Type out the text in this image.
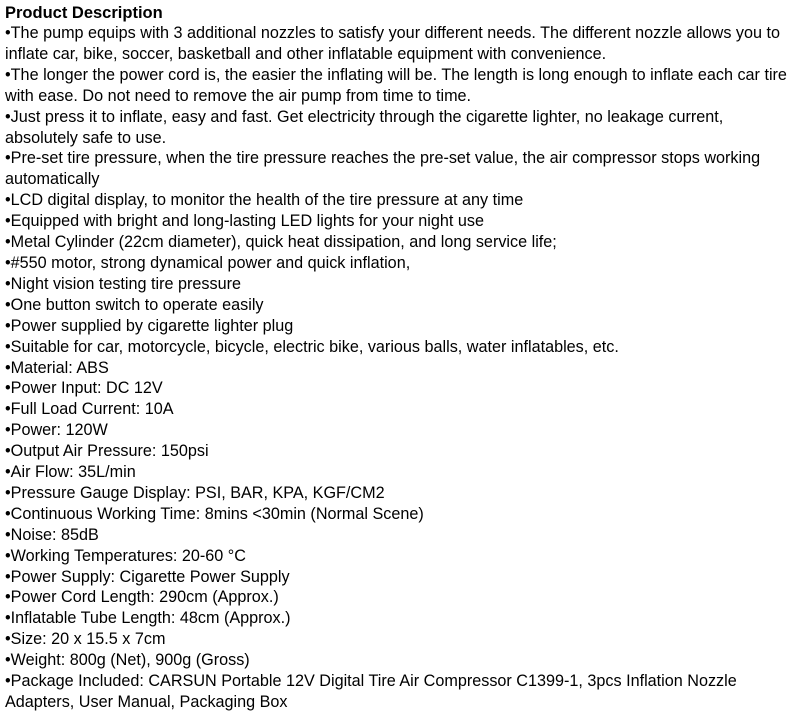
Product Description
•The pump equips with 3 additional nozzles to satisfy your different needs. The different nozzle allows you to inflate car, bike, soccer, basketball and other inflatable equipment with convenience.
•The longer the power cord is, the easier the inflating will be. The length is long enough to inflate each car tire with ease. Do not need to remove the air pump from time to time.
•Just press it to inflate, easy and fast. Get electricity through the cigarette lighter, no leakage current, absolutely safe to use.
•Pre-set tire pressure, when the tire pressure reaches the pre-set value, the air compressor stops working automatically
•LCD digital display, to monitor the health of the tire pressure at any time
•Equipped with bright and long-lasting LED lights for your night use
•Metal Cylinder (22cm diameter), quick heat dissipation, and long service life;
•#550 motor, strong dynamical power and quick inflation,
•Night vision testing tire pressure
•One button switch to operate easily
•Power supplied by cigarette lighter plug
•Suitable for car, motorcycle, bicycle, electric bike, various balls, water inflatables, etc.
•Material: ABS
•Power Input: DC 12V
•Full Load Current: 10A
•Power: 120W
•Output Air Pressure: 150psi
•Air Flow: 35L/min
•Pressure Gauge Display: PSI, BAR, KPA, KGF/CM2
•Continuous Working Time: 8mins <30min (Normal Scene)
•Noise: 85dB
•Working Temperatures: 20-60 °C
•Power Supply: Cigarette Power Supply
•Power Cord Length: 290cm (Approx.)
•Inflatable Tube Length: 48cm (Approx.)
•Size: 20 x 15.5 x 7cm
•Weight: 800g (Net), 900g (Gross)
•Package Included: CARSUN Portable 12V Digital Tire Air Compressor C1399-1, 3pcs Inflation Nozzle Adapters, User Manual, Packaging Box
